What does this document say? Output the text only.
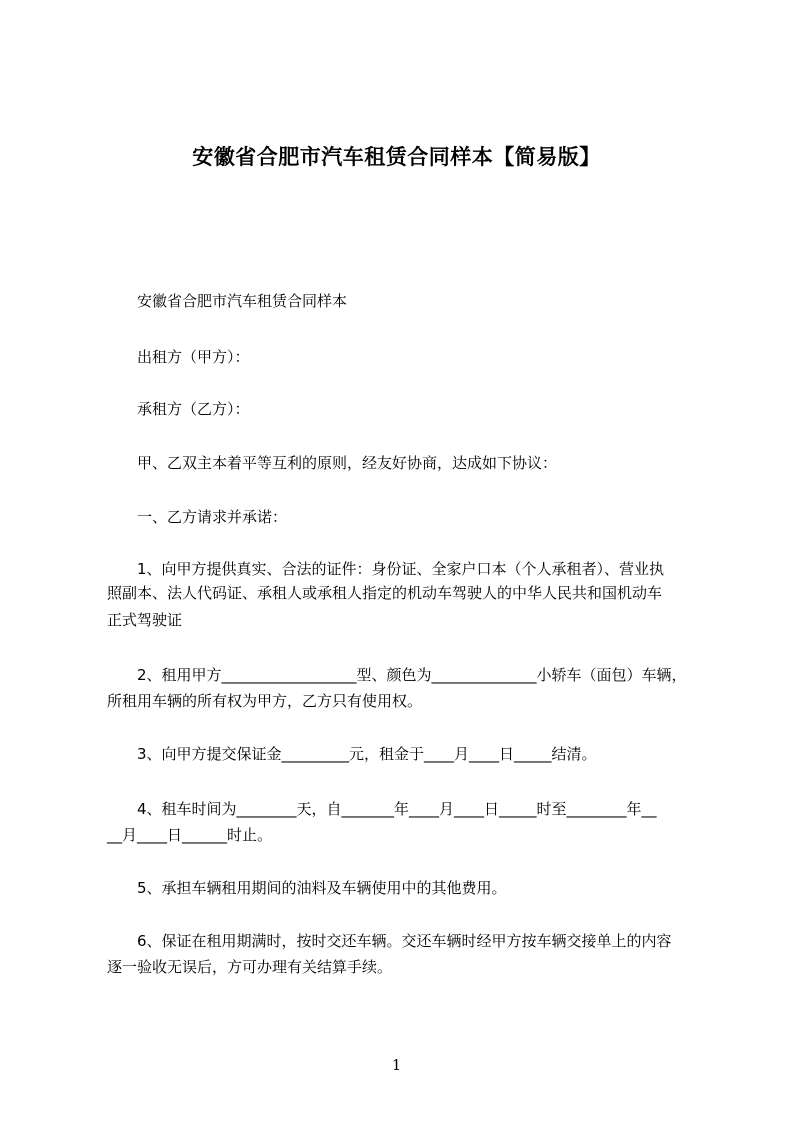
安徽省合肥市汽车租赁合同样本【简易版】
安徽省合肥市汽车租赁合同样本
出租方（甲方）：
承租方（乙方）：
甲、乙双主本着平等互利的原则，经友好协商，达成如下协议：
一、乙方请求并承诺：
1、向甲方提供真实、合法的证件：身份证、全家户口本（个人承租者）、营业执
照副本、法人代码证、承租人或承租人指定的机动车驾驶人的中华人民共和国机动车
正式驾驶证
2、租用甲方__________________型、颜色为______________小轿车（面包）车辆，
所租用车辆的所有权为甲方，乙方只有使用权。
3、向甲方提交保证金_________元，租金于____月____日_____结清。
4、租车时间为________天，自_______年____月____日_____时至________年__
__月____日______时止。
5、承担车辆租用期间的油料及车辆使用中的其他费用。
6、保证在租用期满时，按时交还车辆。交还车辆时经甲方按车辆交接单上的内容
逐一验收无误后，方可办理有关结算手续。
1
